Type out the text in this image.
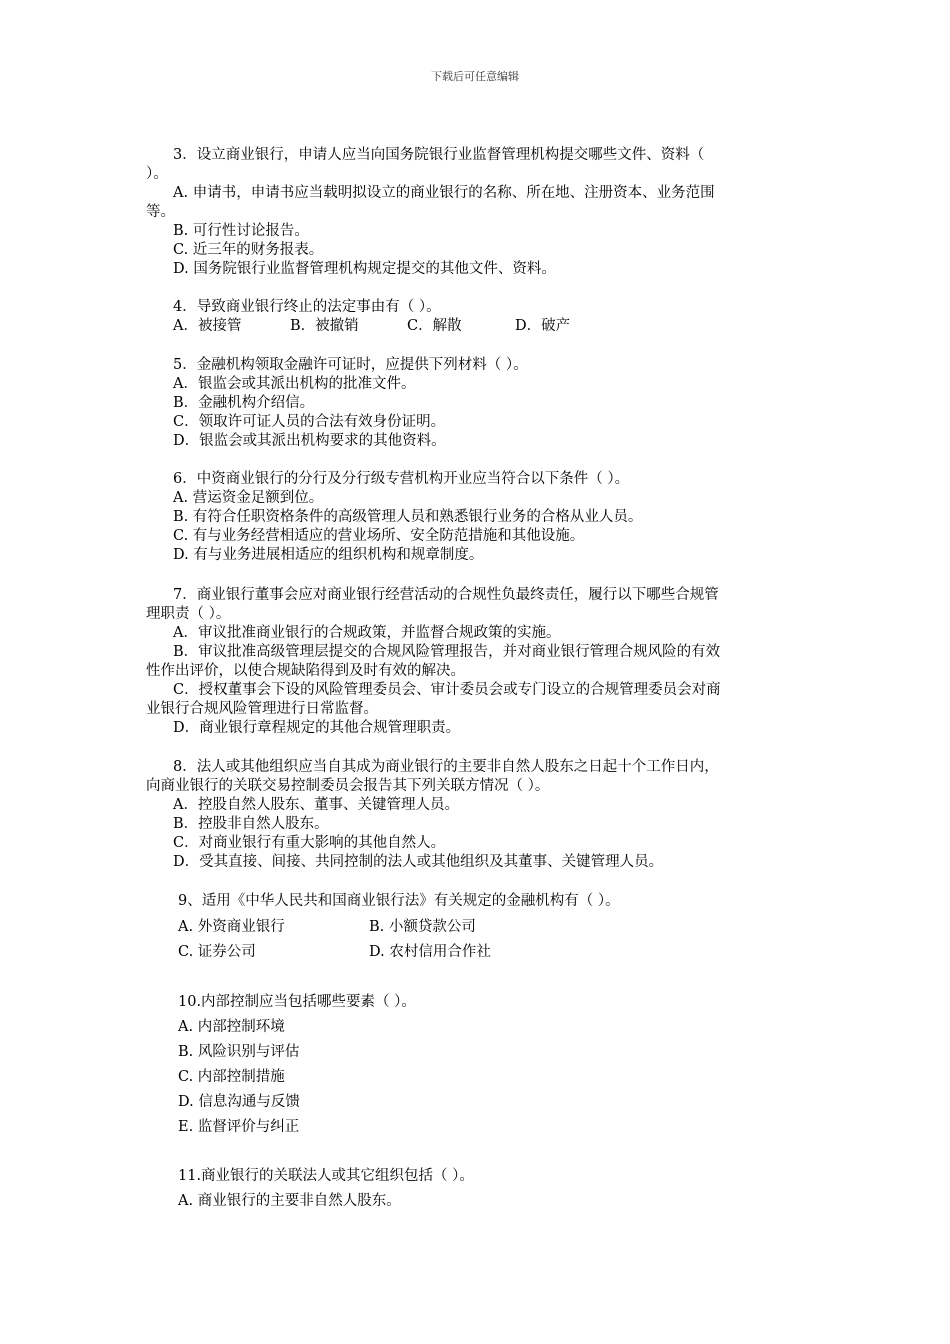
下载后可任意编辑
3．设立商业银行，申请人应当向国务院银行业监督管理机构提交哪些文件、资料（
）。
A. 申请书，申请书应当载明拟设立的商业银行的名称、所在地、注册资本、业务范围
等。
B. 可行性讨论报告。
C. 近三年的财务报表。
D. 国务院银行业监督管理机构规定提交的其他文件、资料。
4．导致商业银行终止的法定事由有（ ）。
A．被接管	B．被撤销	C．解散	D．破产
5．金融机构领取金融许可证时，应提供下列材料（ ）。
A．银监会或其派出机构的批准文件。
B．金融机构介绍信。
C．领取许可证人员的合法有效身份证明。
D．银监会或其派出机构要求的其他资料。
6．中资商业银行的分行及分行级专营机构开业应当符合以下条件（ ）。
A. 营运资金足额到位。
B. 有符合任职资格条件的高级管理人员和熟悉银行业务的合格从业人员。
C. 有与业务经营相适应的营业场所、安全防范措施和其他设施。
D. 有与业务进展相适应的组织机构和规章制度。
7．商业银行董事会应对商业银行经营活动的合规性负最终责任，履行以下哪些合规管
理职责（ ）。
A．审议批准商业银行的合规政策，并监督合规政策的实施。
B．审议批准高级管理层提交的合规风险管理报告，并对商业银行管理合规风险的有效
性作出评价，以使合规缺陷得到及时有效的解决。
C．授权董事会下设的风险管理委员会、审计委员会或专门设立的合规管理委员会对商
业银行合规风险管理进行日常监督。
D．商业银行章程规定的其他合规管理职责。
8．法人或其他组织应当自其成为商业银行的主要非自然人股东之日起十个工作日内，
向商业银行的关联交易控制委员会报告其下列关联方情况（ ）。
A．控股自然人股东、董事、关键管理人员。
B．控股非自然人股东。
C．对商业银行有重大影响的其他自然人。
D．受其直接、间接、共同控制的法人或其他组织及其董事、关键管理人员。
9、适用《中华人民共和国商业银行法》有关规定的金融机构有（ ）。
A. 外资商业银行	B. 小额贷款公司
C. 证券公司	D. 农村信用合作社
10.内部控制应当包括哪些要素（ ）。
A. 内部控制环境
B. 风险识别与评估
C. 内部控制措施
D. 信息沟通与反馈
E. 监督评价与纠正
11.商业银行的关联法人或其它组织包括（ ）。
A. 商业银行的主要非自然人股东。
